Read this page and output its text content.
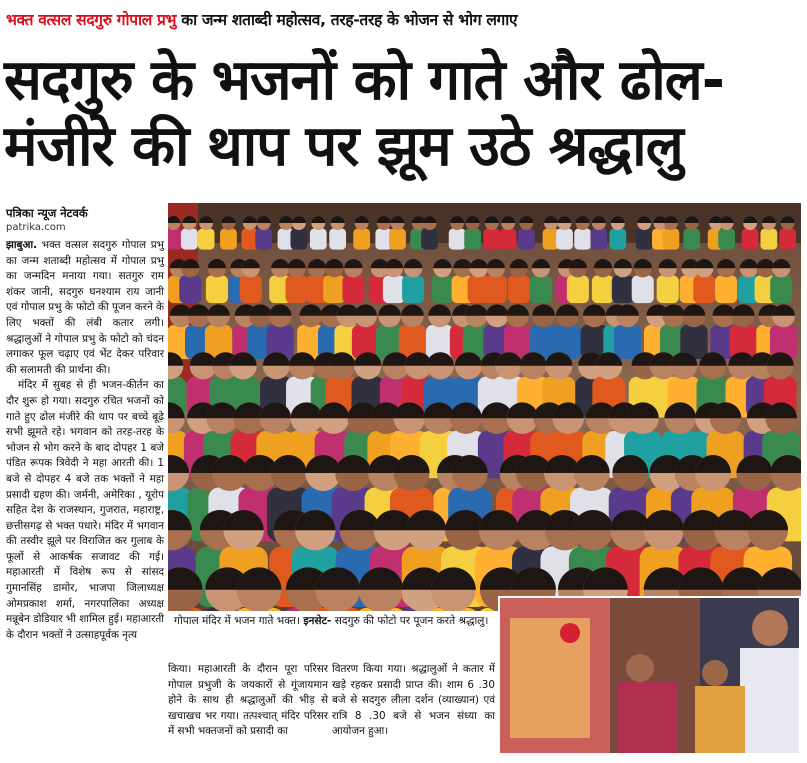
भक्त वत्सल सदगुरु गोपाल प्रभु का जन्म शताब्दी महोत्सव, तरह-तरह के भोजन से भोग लगाए
सदगुरु के भजनों को गाते और ढोल-
मंजीरे की थाप पर झूम उठे श्रद्धालु
पत्रिका न्यूज नेटवर्क
patrika.com

झाबुआ. भक्त वत्सल सदगुरु गोपाल प्रभु का जन्म शताब्दी महोत्सव में गोपाल प्रभु का जन्मदिन मनाया गया। सतगुरु राम शंकर जानी, सदगुरु घनश्याम राय जानी एवं गोपाल प्रभु के फोटो की पूजन करने के लिए भक्तों की लंबी कतार लगी। श्रद्धालुओं ने गोपाल प्रभु के फोटो को चंदन लगाकर फूल चढ़ाए एवं भेंट देकर परिवार की सलामती की प्रार्थना की।

मंदिर में सुबह से ही भजन-कीर्तन का दौर शुरू हो गया। सदगुरु रचित भजनों को गाते हुए ढोल मंजीरे की थाप पर बच्चे बूढ़े सभी झूमते रहे। भगवान को तरह-तरह के भोजन से भोग करने के बाद दोपहर 1 बजे पंडित रूपक त्रिवेदी ने महा आरती की। 1 बजे से दोपहर 4 बजे तक भक्तों ने महा प्रसादी ग्रहण की। जर्मनी, अमेरिका , यूरोप सहित देश के राजस्थान, गुजरात, महाराष्ट्र, छत्तीसगढ़ से भक्त पधारे। मंदिर में भगवान की तस्वीर झूले पर विराजित कर गुलाब के फूलों से आकर्षक सजावट की गई। महाआरती में विशेष रूप से सांसद गुमानसिंह डामोर, भाजपा जिलाध्यक्ष ओमप्रकाश शर्मा, नगरपालिका अध्यक्ष मन्नूबेन डोडियार भी शामिल हुई। महाआरती के दौरान भक्तों ने उत्साहपूर्वक नृत्य

गोपाल मंदिर में भजन गाते भक्त। इनसेट- सदगुरु की फोटो पर पूजन करते श्रद्धालु।
किया। महाआरती के दौरान पूरा परिसर गोपाल प्रभुजी के जयकारों से गूंजायमान होने के साथ ही श्रद्धालुओं की भीड़ से खचाखच भर गया। तत्पश्चात् मंदिर परिसर में सभी भक्तजनों को प्रसादी का
वितरण किया गया। श्रद्धालुओं ने कतार में खड़े रहकर प्रसादी प्राप्त की। शाम 6 .30 बजे से सदगुरु लीला दर्शन (व्याख्यान) एवं रात्रि 8 .30 बजे से भजन संध्या का आयोजन हुआ।
